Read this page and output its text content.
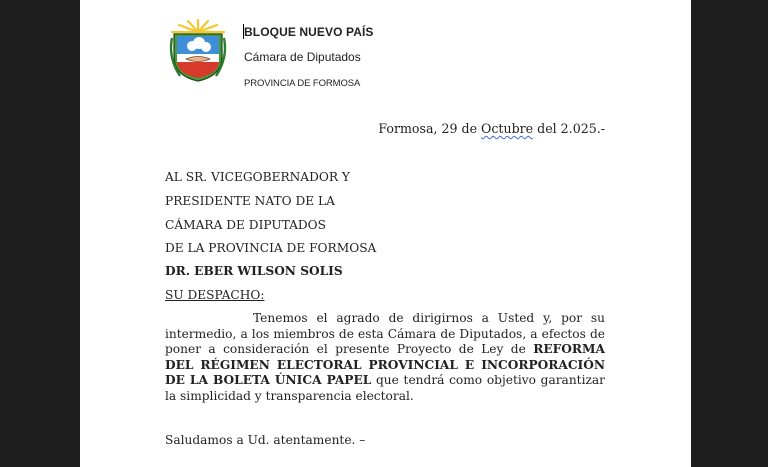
BLOQUE NUEVO PAÍS
Cámara de Diputados
PROVINCIA DE FORMOSA
Formosa, 29 de Octubre del 2.025.-
AL SR. VICEGOBERNADOR Y
PRESIDENTE NATO DE LA
CÁMARA DE DIPUTADOS
DE LA PROVINCIA DE FORMOSA
DR. EBER WILSON SOLIS
SU DESPACHO:
Tenemos el agrado de dirigirnos a Usted y, por su intermedio, a los miembros de esta Cámara de Diputados, a efectos de poner a consideración el presente Proyecto de Ley de REFORMA DEL RÉGIMEN ELECTORAL PROVINCIAL E INCORPORACIÓN DE LA BOLETA ÚNICA PAPEL que tendrá como objetivo garantizar la simplicidad y transparencia electoral.
Saludamos a Ud. atentamente. –
